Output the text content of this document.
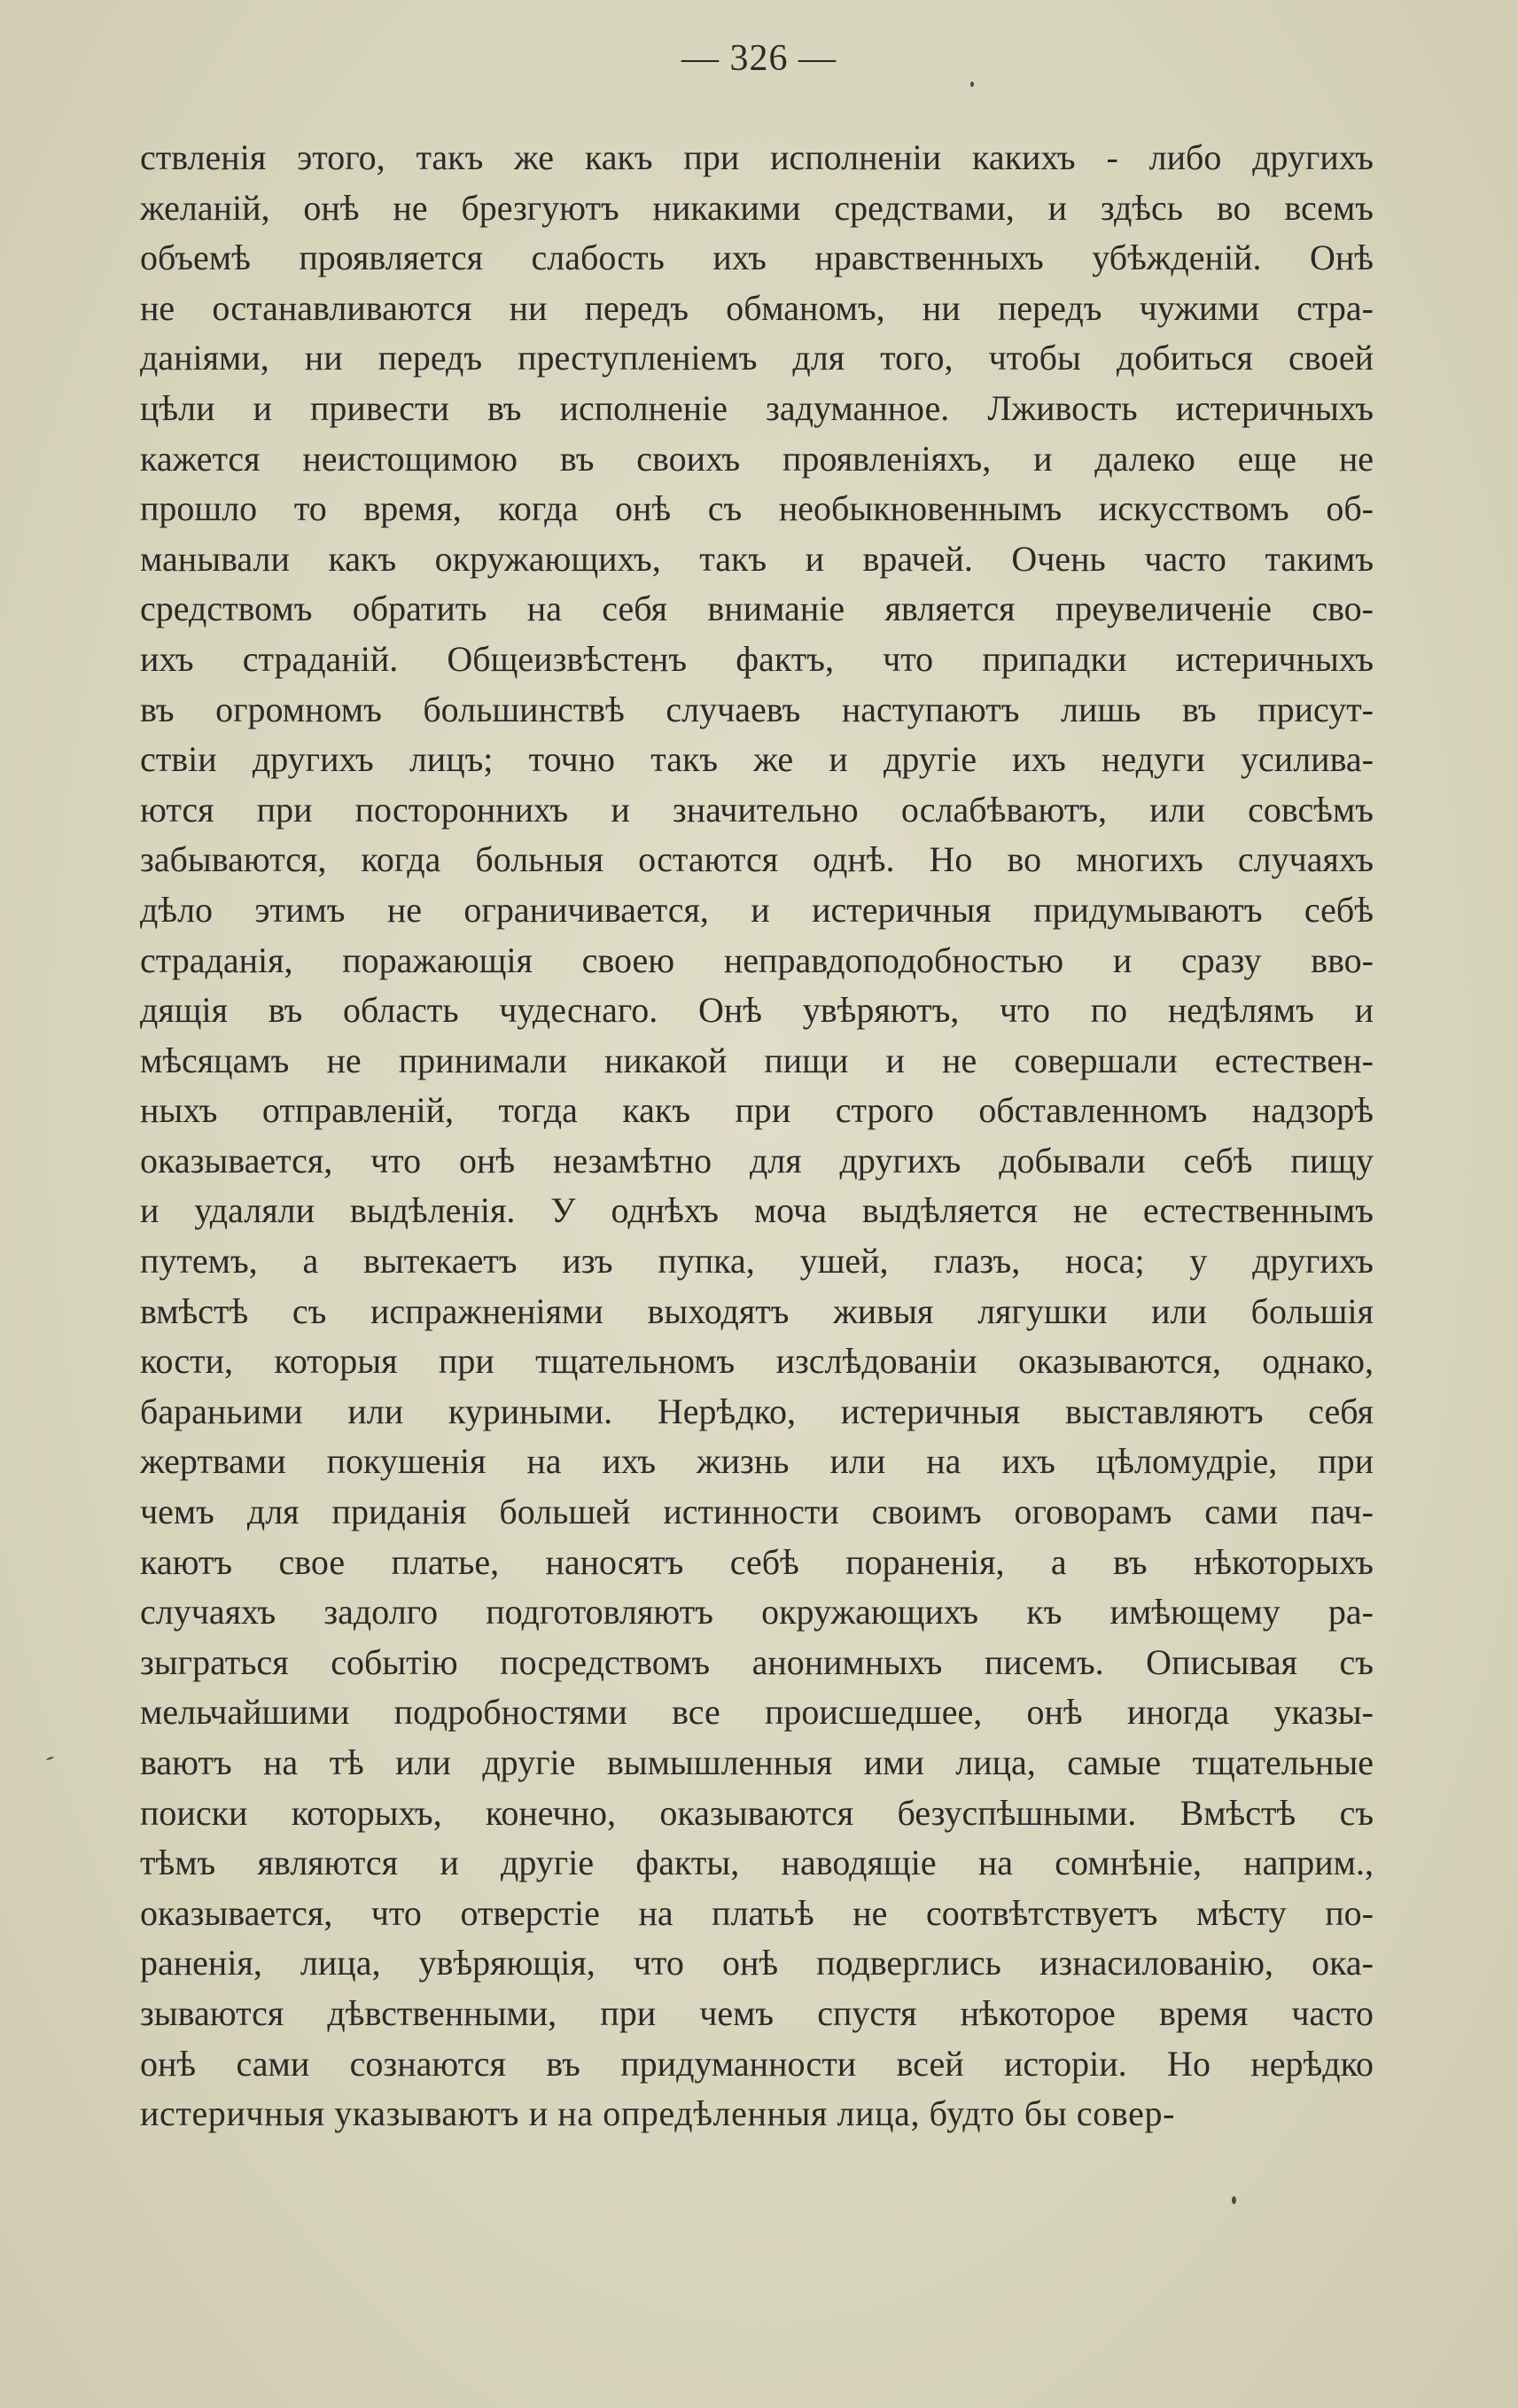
— 326 —
ствленія этого, такъ же какъ при исполненіи какихъ - либо другихъ
желаній, онѣ не брезгуютъ никакими средствами, и здѣсь во всемъ
объемѣ проявляется слабость ихъ нравственныхъ убѣжденій. Онѣ
не останавливаются ни передъ обманомъ, ни передъ чужими стра-
даніями, ни передъ преступленіемъ для того, чтобы добиться своей
цѣли и привести въ исполненіе задуманное. Лживость истеричныхъ
кажется неистощимою въ своихъ проявленіяхъ, и далеко еще не
прошло то время, когда онѣ съ необыкновеннымъ искусствомъ об-
манывали какъ окружающихъ, такъ и врачей. Очень часто такимъ
средствомъ обратить на себя вниманіе является преувеличеніе сво-
ихъ страданій. Общеизвѣстенъ фактъ, что припадки истеричныхъ
въ огромномъ большинствѣ случаевъ наступаютъ лишь въ присут-
ствіи другихъ лицъ; точно такъ же и другіе ихъ недуги усилива-
ются при постороннихъ и значительно ослабѣваютъ, или совсѣмъ
забываются, когда больныя остаются однѣ. Но во многихъ случаяхъ
дѣло этимъ не ограничивается, и истеричныя придумываютъ себѣ
страданія, поражающія своею неправдоподобностью и сразу вво-
дящія въ область чудеснаго. Онѣ увѣряютъ, что по недѣлямъ и
мѣсяцамъ не принимали никакой пищи и не совершали естествен-
ныхъ отправленій, тогда какъ при строго обставленномъ надзорѣ
оказывается, что онѣ незамѣтно для другихъ добывали себѣ пищу
и удаляли выдѣленія. У однѣхъ моча выдѣляется не естественнымъ
путемъ, а вытекаетъ изъ пупка, ушей, глазъ, носа; у другихъ
вмѣстѣ съ испражненіями выходятъ живыя лягушки или большія
кости, которыя при тщательномъ изслѣдованіи оказываются, однако,
бараньими или куриными. Нерѣдко, истеричныя выставляютъ себя
жертвами покушенія на ихъ жизнь или на ихъ цѣломудріе, при
чемъ для приданія большей истинности своимъ оговорамъ сами пач-
каютъ свое платье, наносятъ себѣ пораненія, а въ нѣкоторыхъ
случаяхъ задолго подготовляютъ окружающихъ къ имѣющему ра-
зыграться событію посредствомъ анонимныхъ писемъ. Описывая съ
мельчайшими подробностями все происшедшее, онѣ иногда указы-
ваютъ на тѣ или другіе вымышленныя ими лица, самые тщательные
поиски которыхъ, конечно, оказываются безуспѣшными. Вмѣстѣ съ
тѣмъ являются и другіе факты, наводящіе на сомнѣніе, наприм.,
оказывается, что отверстіе на платьѣ не соотвѣтствуетъ мѣсту по-
раненія, лица, увѣряющія, что онѣ подверглись изнасилованію, ока-
зываются дѣвственными, при чемъ спустя нѣкоторое время часто
онѣ сами сознаются въ придуманности всей исторіи. Но нерѣдко
истеричныя указываютъ и на опредѣленныя лица, будто бы совер-
